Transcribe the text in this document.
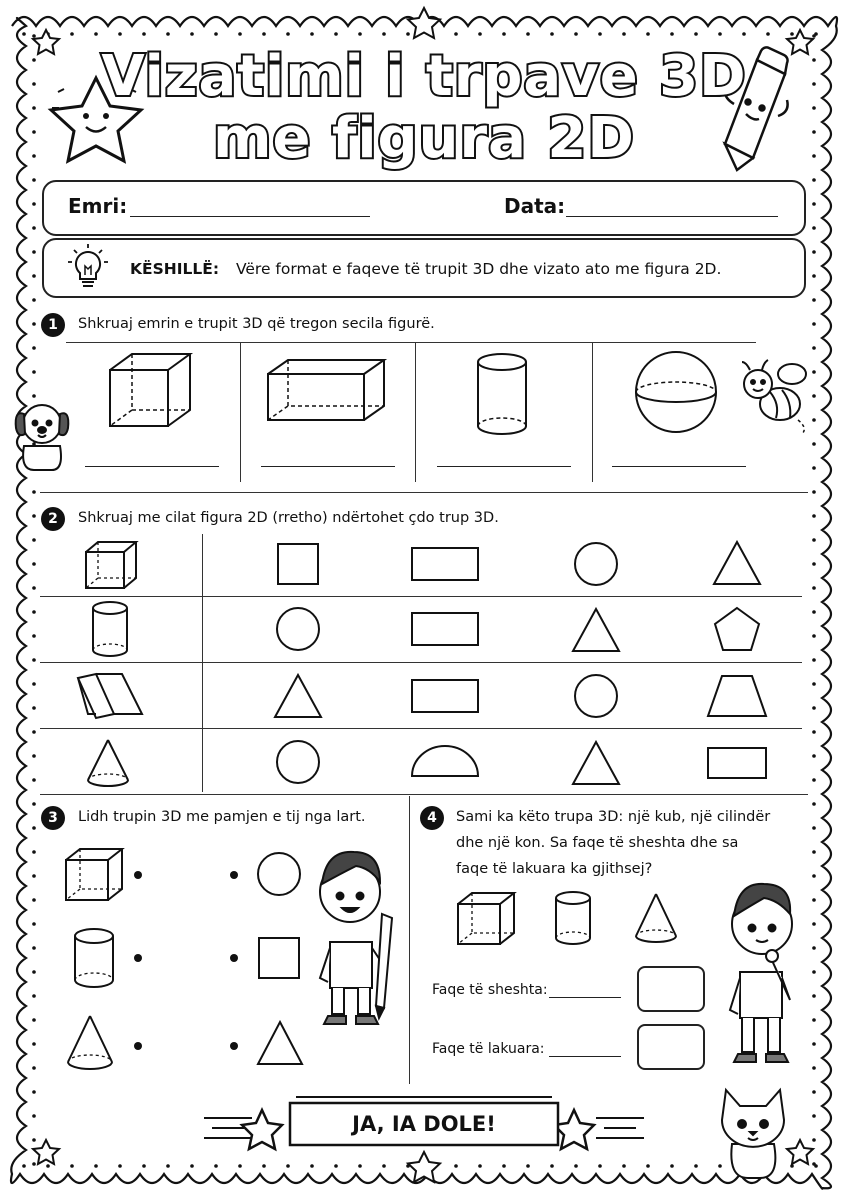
Vizatimi i trpave 3D
me figura 2D
Emri:	Data:
KËSHILLË: Vëre format e faqeve të trupit 3D dhe vizato ato me figura 2D.
1	Shkruaj emrin e trupit 3D që tregon secila figurë.
2	Shkruaj me cilat figura 2D (rretho) ndërtohet çdo trup 3D.
3	Lidh trupin 3D me pamjen e tij nga lart.	4	Sami ka këto trupa 3D: një kub, një cilindër
dhe një kon. Sa faqe të sheshta dhe sa
faqe të lakuara ka gjithsej?
Faqe të sheshta:
Faqe të lakuara:
JA, IA DOLE!
